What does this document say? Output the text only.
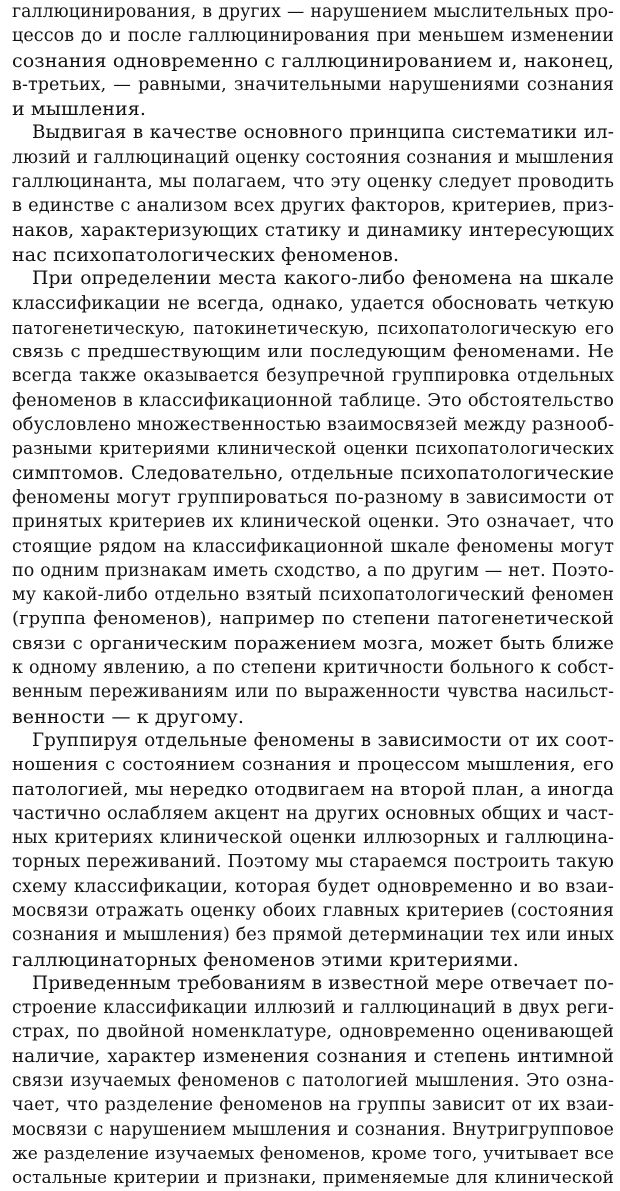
галлюцинирования, в других — нарушением мыслительных про-
цессов до и после галлюцинирования при меньшем изменении
сознания одновременно с галлюцинированием и, наконец,
в-третьих, — равными, значительными нарушениями сознания
и мышления.
Выдвигая в качестве основного принципа систематики ил-
люзий и галлюцинаций оценку состояния сознания и мышления
галлюцинанта, мы полагаем, что эту оценку следует проводить
в единстве с анализом всех других факторов, критериев, приз-
наков, характеризующих статику и динамику интересующих
нас психопатологических феноменов.
При определении места какого-либо феномена на шкале
классификации не всегда, однако, удается обосновать четкую
патогенетическую, патокинетическую, психопатологическую его
связь с предшествующим или последующим феноменами. Не
всегда также оказывается безупречной группировка отдельных
феноменов в классификационной таблице. Это обстоятельство
обусловлено множественностью взаимосвязей между разнооб-
разными критериями клинической оценки психопатологических
симптомов. Следовательно, отдельные психопатологические
феномены могут группироваться по-разному в зависимости от
принятых критериев их клинической оценки. Это означает, что
стоящие рядом на классификационной шкале феномены могут
по одним признакам иметь сходство, а по другим — нет. Поэто-
му какой-либо отдельно взятый психопатологический феномен
(группа феноменов), например по степени патогенетической
связи с органическим поражением мозга, может быть ближе
к одному явлению, а по степени критичности больного к собст-
венным переживаниям или по выраженности чувства насильст-
венности — к другому.
Группируя отдельные феномены в зависимости от их соот-
ношения с состоянием сознания и процессом мышления, его
патологией, мы нередко отодвигаем на второй план, а иногда
частично ослабляем акцент на других основных общих и част-
ных критериях клинической оценки иллюзорных и галлюцина-
торных переживаний. Поэтому мы стараемся построить такую
схему классификации, которая будет одновременно и во взаи-
мосвязи отражать оценку обоих главных критериев (состояния
сознания и мышления) без прямой детерминации тех или иных
галлюцинаторных феноменов этими критериями.
Приведенным требованиям в известной мере отвечает по-
строение классификации иллюзий и галлюцинаций в двух реги-
страх, по двойной номенклатуре, одновременно оценивающей
наличие, характер изменения сознания и степень интимной
связи изучаемых феноменов с патологией мышления. Это озна-
чает, что разделение феноменов на группы зависит от их взаи-
мосвязи с нарушением мышления и сознания. Внутригрупповое
же разделение изучаемых феноменов, кроме того, учитывает все
остальные критерии и признаки, применяемые для клинической
